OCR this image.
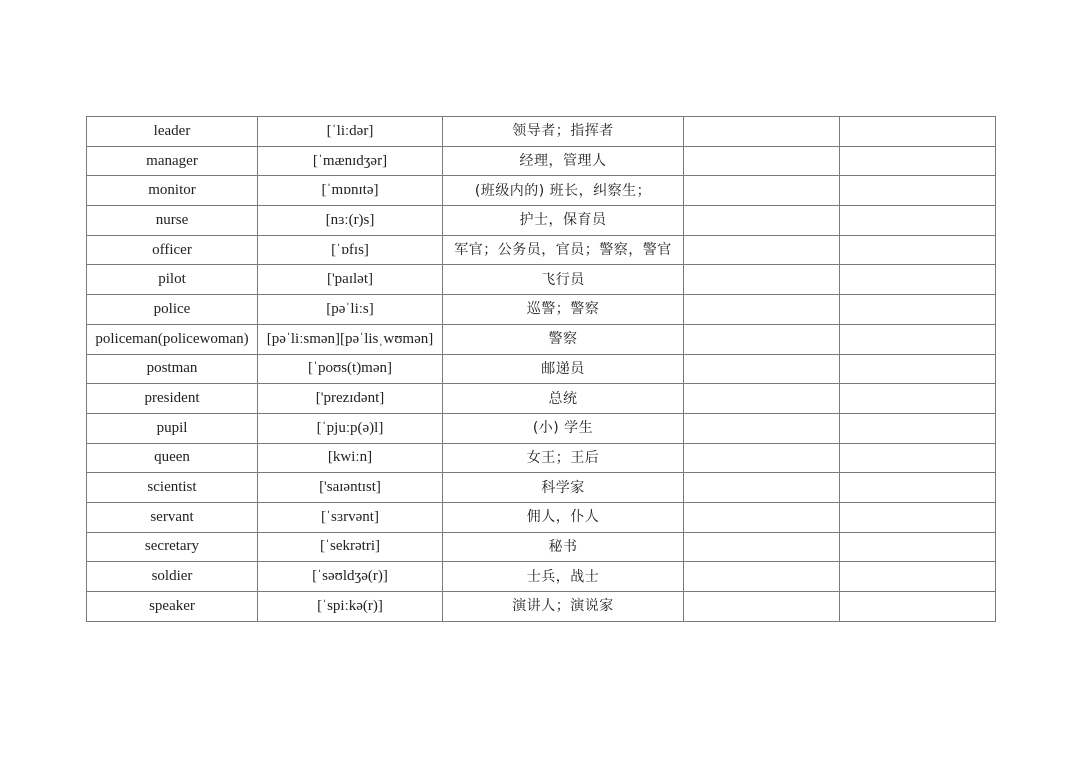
leader	[ˈliːdər]	领导者；指挥者		
manager	[ˈmænɪdʒər]	经理，管理人		
monitor	[ˈmɒnɪtə]	(班级内的) 班长，纠察生；		
nurse	[nɜː(r)s]	护士，保育员		
officer	[ˈɒfɪs]	军官；公务员，官员；警察，警官		
pilot	['paɪlət]	飞行员		
police	[pəˈliːs]	巡警；警察		
policeman(policewoman)	[pəˈliːsmən][pəˈlisˌwʊmən]	警察		
postman	[ˈpoʊs(t)mən]	邮递员		
president	['prezɪdənt]	总统		
pupil	[ˈpjuːp(ə)l]	(小) 学生		
queen	[kwiːn]	女王；王后		
scientist	['saɪəntɪst]	科学家		
servant	[ˈsɜrvənt]	佣人，仆人		
secretary	[ˈsekrətri]	秘书		
soldier	[ˈsəʊldʒə(r)]	士兵，战士		
speaker	[ˈspiːkə(r)]	演讲人；演说家		
